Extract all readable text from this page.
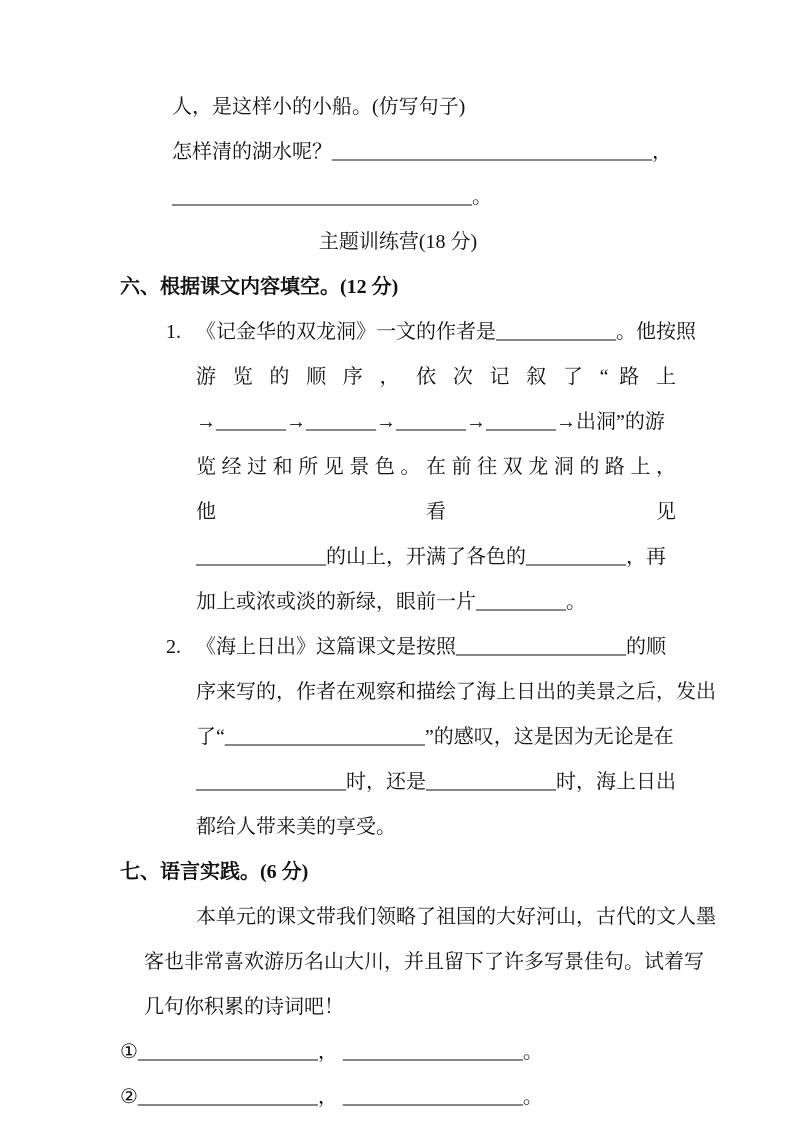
人，是这样小的小船。(仿写句子)
怎样清的湖水呢？________________________________，
______________________________。
主题训练营(18 分)
六、根据课文内容填空。(12 分)
1. 《记金华的双龙洞》一文的作者是____________。他按照
游 览 的 顺 序 ， 依 次 记 叙 了 “ 路 上
→_______→_______→_______→_______→出洞”的游
览 经 过 和 所 见 景 色 。 在 前 往 双 龙 洞 的 路 上 ， 他 看 见
_____________的山上，开满了各色的__________，再
加上或浓或淡的新绿，眼前一片_________。
2. 《海上日出》这篇课文是按照_________________的顺
序来写的，作者在观察和描绘了海上日出的美景之后，发出
了“____________________”的感叹，这是因为无论是在
_______________时，还是_____________时，海上日出
都给人带来美的享受。
七、语言实践。(6 分)
本单元的课文带我们领略了祖国的大好河山，古代的文人墨
客也非常喜欢游历名山大川，并且留下了许多写景佳句。试着写
几句你积累的诗词吧！
①__________________， __________________。
②__________________， __________________。
